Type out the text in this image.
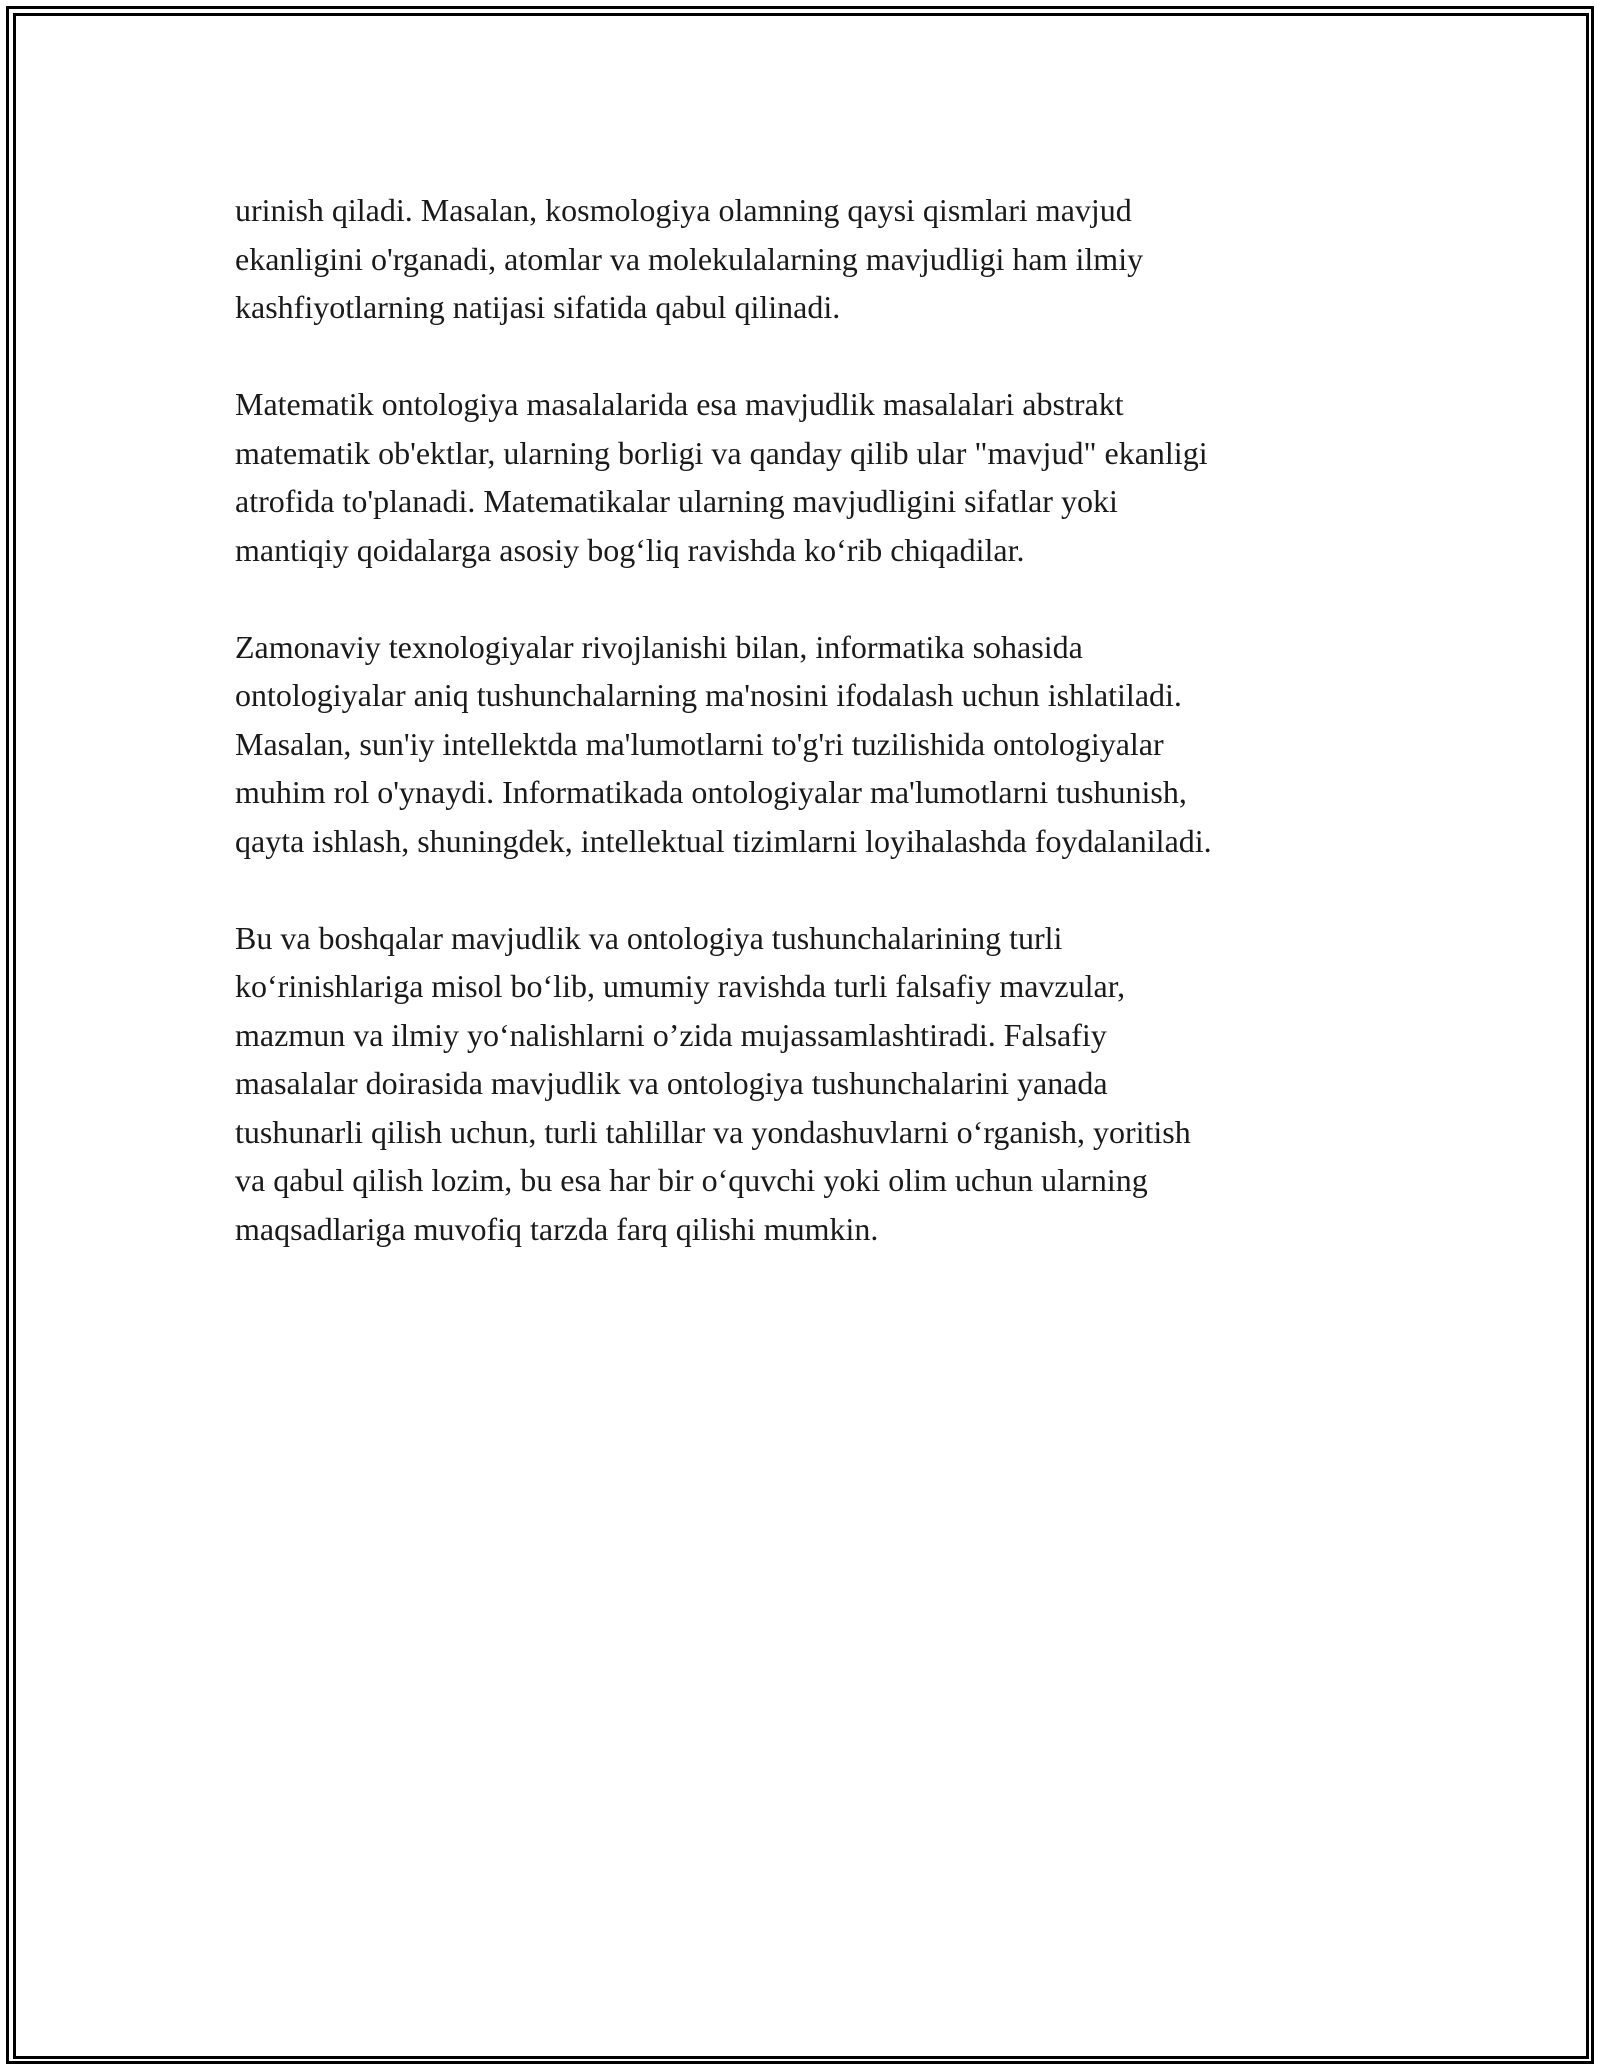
urinish qiladi. Masalan, kosmologiya olamning qaysi qismlari mavjud
ekanligini o'rganadi, atomlar va molekulalarning mavjudligi ham ilmiy
kashfiyotlarning natijasi sifatida qabul qilinadi.

Matematik ontologiya masalalarida esa mavjudlik masalalari abstrakt
matematik ob'ektlar, ularning borligi va qanday qilib ular "mavjud" ekanligi
atrofida to'planadi. Matematikalar ularning mavjudligini sifatlar yoki
mantiqiy qoidalarga asosiy bog‘liq ravishda ko‘rib chiqadilar.

Zamonaviy texnologiyalar rivojlanishi bilan, informatika sohasida
ontologiyalar aniq tushunchalarning ma'nosini ifodalash uchun ishlatiladi.
Masalan, sun'iy intellektda ma'lumotlarni to'g'ri tuzilishida ontologiyalar
muhim rol o'ynaydi. Informatikada ontologiyalar ma'lumotlarni tushunish,
qayta ishlash, shuningdek, intellektual tizimlarni loyihalashda foydalaniladi.

Bu va boshqalar mavjudlik va ontologiya tushunchalarining turli
ko‘rinishlariga misol bo‘lib, umumiy ravishda turli falsafiy mavzular,
mazmun va ilmiy yo‘nalishlarni o’zida mujassamlashtiradi. Falsafiy
masalalar doirasida mavjudlik va ontologiya tushunchalarini yanada
tushunarli qilish uchun, turli tahlillar va yondashuvlarni o‘rganish, yoritish
va qabul qilish lozim, bu esa har bir o‘quvchi yoki olim uchun ularning
maqsadlariga muvofiq tarzda farq qilishi mumkin.
